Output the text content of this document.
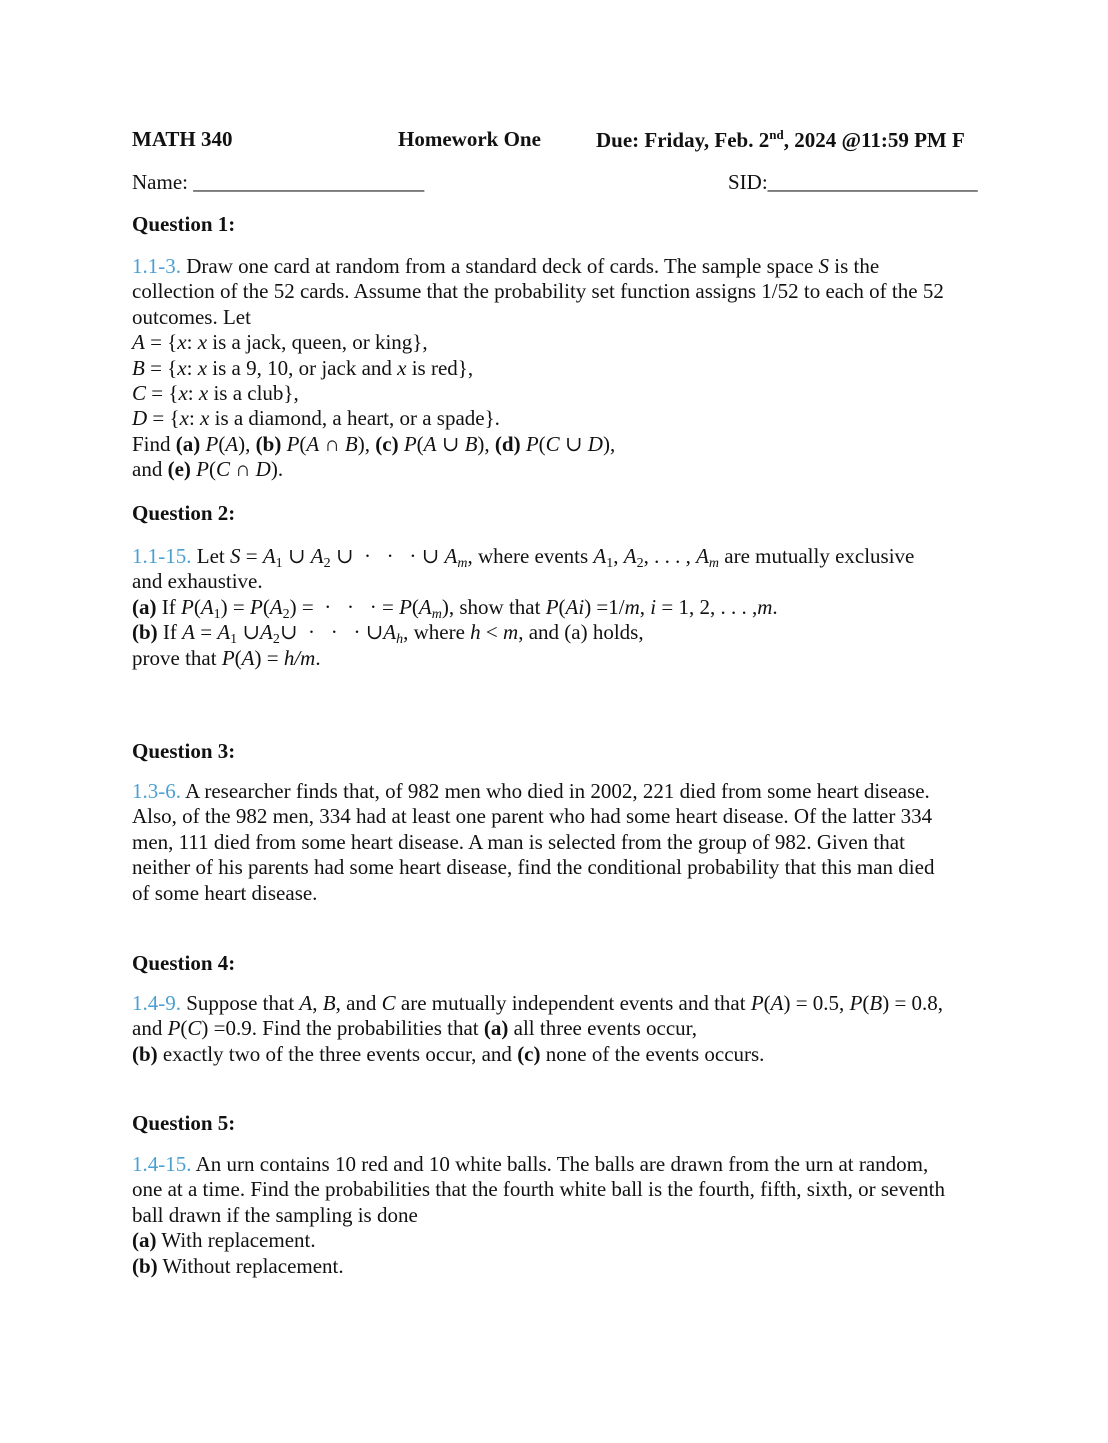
MATH 340	Homework One	Due: Friday, Feb. 2nd, 2024 @11:59 PM F
Name: ______________________	SID:____________________
Question 1:
1.1-3. Draw one card at random from a standard deck of cards. The sample space S is the
collection of the 52 cards. Assume that the probability set function assigns 1/52 to each of the 52
outcomes. Let
A = {x: x is a jack, queen, or king},
B = {x: x is a 9, 10, or jack and x is red},
C = {x: x is a club},
D = {x: x is a diamond, a heart, or a spade}.
Find (a) P(A), (b) P(A ∩ B), (c) P(A ∪ B), (d) P(C ∪ D),
and (e) P(C ∩ D).
Question 2:
1.1-15. Let $S = A_1$ ∪ $A_2$ ∪  ·   ·   · ∪ $A_m$, where events $A_1$, $A_2$, . . . , $A_m$ are mutually exclusive
and exhaustive.
(a) If $P(A_1) = P(A_2)$ =  ·   ·   · = $P(A_m)$, show that P(Ai) =1/m, i = 1, 2, . . . ,m.
(b) If $A = A_1$ $\cup A_2\cup$  ·   ·   · $\cup A_h$, where h < m, and (a) holds,
prove that P(A) = h/m.
Question 3:
1.3-6. A researcher finds that, of 982 men who died in 2002, 221 died from some heart disease.
Also, of the 982 men, 334 had at least one parent who had some heart disease. Of the latter 334
men, 111 died from some heart disease. A man is selected from the group of 982. Given that
neither of his parents had some heart disease, find the conditional probability that this man died
of some heart disease.
Question 4:
1.4-9. Suppose that A, B, and C are mutually independent events and that P(A) = 0.5, P(B) = 0.8,
and P(C) =0.9. Find the probabilities that (a) all three events occur,
(b) exactly two of the three events occur, and (c) none of the events occurs.
Question 5:
1.4-15. An urn contains 10 red and 10 white balls. The balls are drawn from the urn at random,
one at a time. Find the probabilities that the fourth white ball is the fourth, fifth, sixth, or seventh
ball drawn if the sampling is done
(a) With replacement.
(b) Without replacement.
